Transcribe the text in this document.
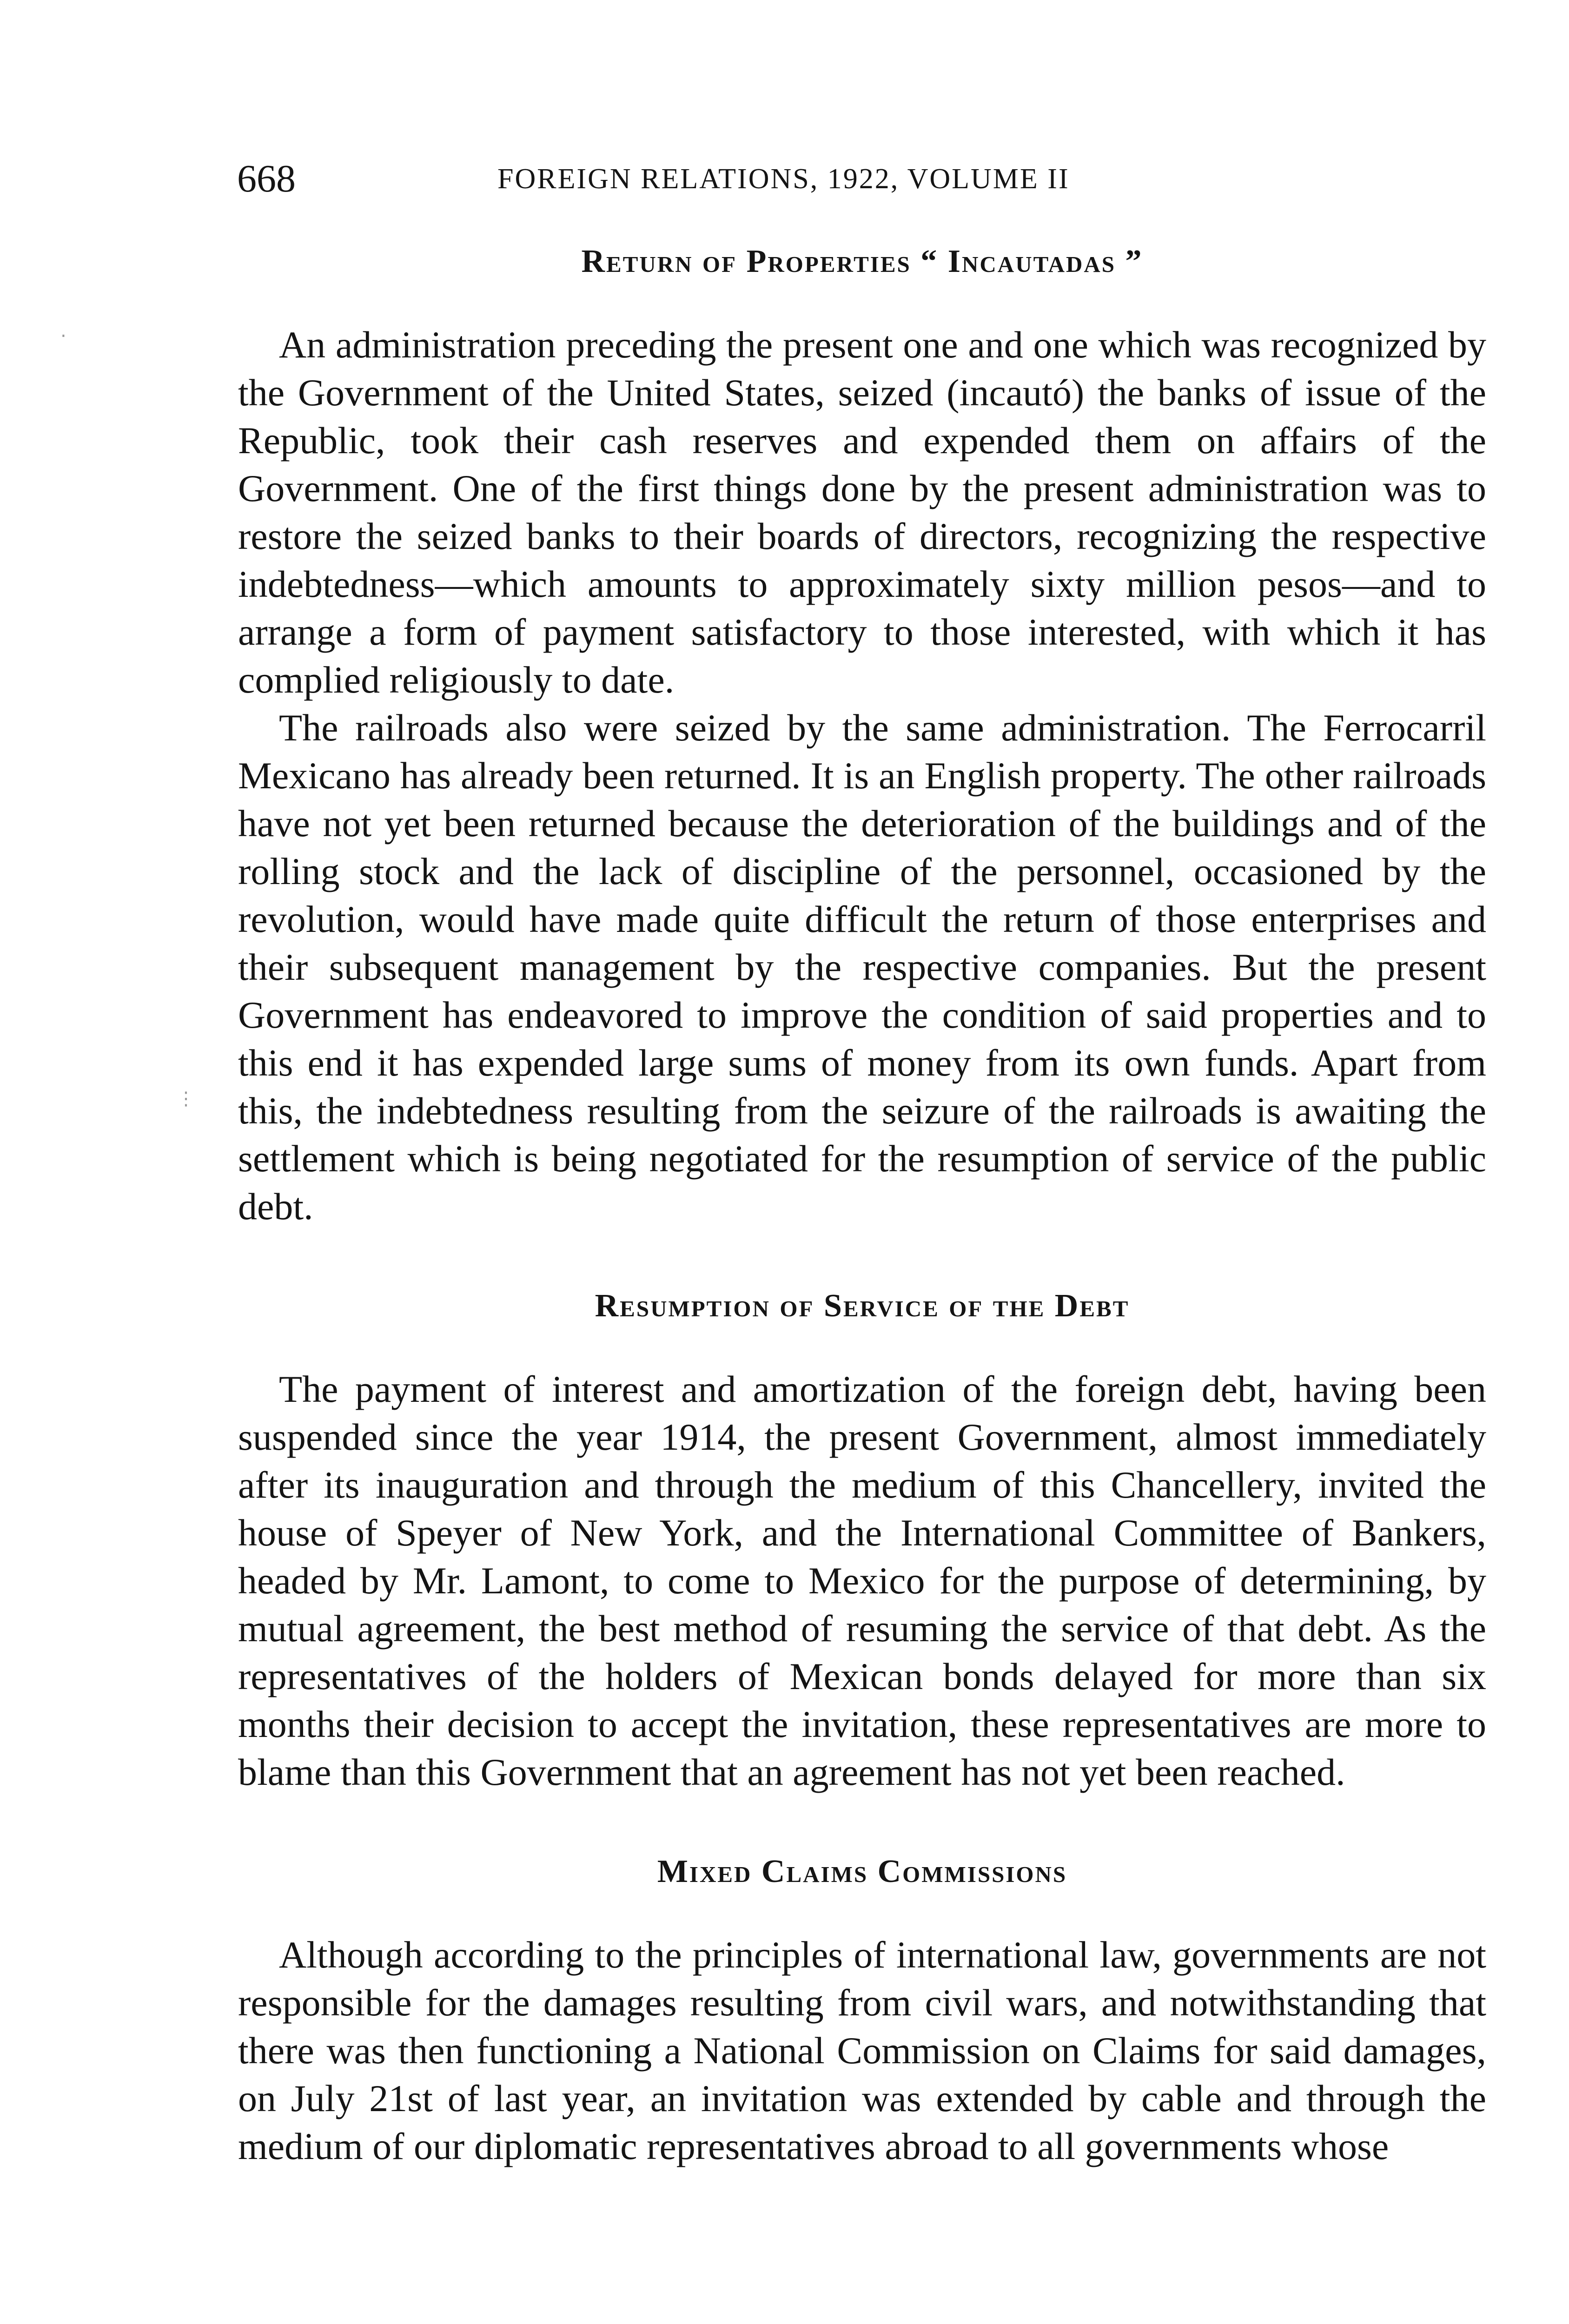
668	FOREIGN RELATIONS, 1922, VOLUME II
Return of Properties “ Incautadas ”

An administration preceding the present one and one which was recognized by the Government of the United States, seized (incautó) the banks of issue of the Republic, took their cash reserves and expended them on affairs of the Government. One of the first things done by the present administration was to restore the seized banks to their boards of directors, recognizing the respective indebtedness—which amounts to approximately sixty million pesos—and to arrange a form of payment satisfactory to those interested, with which it has complied religiously to date.

The railroads also were seized by the same administration. The Ferrocarril Mexicano has already been returned. It is an English property. The other railroads have not yet been returned because the deterioration of the buildings and of the rolling stock and the lack of discipline of the personnel, occasioned by the revolution, would have made quite difficult the return of those enterprises and their subsequent management by the respective companies. But the present Government has endeavored to improve the condition of said properties and to this end it has expended large sums of money from its own funds. Apart from this, the indebtedness resulting from the seizure of the railroads is awaiting the settlement which is being negotiated for the resumption of service of the public debt.

Resumption of Service of the Debt

The payment of interest and amortization of the foreign debt, having been suspended since the year 1914, the present Government, almost immediately after its inauguration and through the medium of this Chancellery, invited the house of Speyer of New York, and the International Committee of Bankers, headed by Mr. Lamont, to come to Mexico for the purpose of determining, by mutual agreement, the best method of resuming the service of that debt. As the representatives of the holders of Mexican bonds delayed for more than six months their decision to accept the invitation, these representatives are more to blame than this Government that an agreement has not yet been reached.

Mixed Claims Commissions

Although according to the principles of international law, governments are not responsible for the damages resulting from civil wars, and notwithstanding that there was then functioning a National Commission on Claims for said damages, on July 21st of last year, an invitation was extended by cable and through the medium of our diplomatic representatives abroad to all governments whose

‧
⋮
